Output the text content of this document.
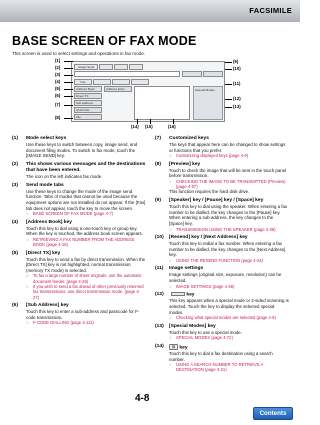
FACSIMILE
BASE SCREEN OF FAX MODE
This screen is used to select settings and operations in fax mode.
Image Send
Fax
Address Book
Direct TX
Sub Address
Quick File
File
Address Entry	Special Modes
(1)
(2)
(3)
(4)
(5)
(6)
(7)
(8)
(9)
(10)
(11)
(12)
(13)
(14) (15)	(16)
(1)	Mode select keys

Use these keys to switch between copy, image send, and document filing modes. To switch to fax mode, touch the [IMAGE SEND] key.

(2)	This shows various messages and the destinations that have been entered.

The icon on the left indicates fax mode.

(3)	Send mode tabs

Use these keys to change the mode of the image send function. Tabs of modes that cannot be used because the equipment options are not installed do not appear. If the [Fax] tab does not appear, touch the key to move the screen.

☞ BASE SCREEN OF FAX MODE (page 4-7)
(4)	[Address Book] key

Touch this key to dial using a one-touch key or group key. When the key is touched, the address book screen appears.

☞ RETRIEVING A FAX NUMBER FROM THE ADDRESS BOOK (page 4-16)
(5)	[Direct TX] key

Touch this key to send a fax by direct transmission. When the [Direct TX] key is not highlighted, normal transmission (memory TX mode) is selected.

☞ To fax a large number of sheet originals, use the automatic document feeder. (page 4-26)
☞ If you wish to send a fax ahead of other previously reserved fax transmissions, use direct transmission mode. (page 4-27)
(6)	[Sub Address] key

Touch this key to enter a sub-address and passcode for F-code transmission.

☞ F-CODE DIALLING (page 4-111)
(7)	Customized keys

The keys that appear here can be changed to show settings or functions that you prefer.

☞ Customizing displayed keys (page 4-9)
(8)	[Preview] key

Touch to check the image that will be sent in the touch panel before transmission.

☞ CHECKING THE IMAGE TO BE TRANSMITTED (Preview) (page 4-57)

This function requires the hard disk drive.

(9)	[Speaker] key / [Pause] key / [Space] key

Touch this key to dial using the speaker. When entering a fax number to be dialled, the key changes to the [Pause] key. When entering a sub-address, the key changes to the [Space] key.

☞ TRANSMISSION USING THE SPEAKER (page 4-36)
(10)	[Resend] key / [Next Address] key

Touch this key to redial a fax number. When entering a fax number to be dialled, the key changes to the [Next Address] key.

☞ USING THE RESEND FUNCTION (page 4-24)
(11)	Image settings

Image settings (original size, exposure, resolution) can be selected.

☞ IMAGE SETTINGS (page 4-46)
(12)	key

This key appears when a special mode or 2-sided scanning is selected. Touch the key to display the selected special modes.

☞ Checking what special modes are selected (page 4-9)
(13)	[Special Modes] key

Touch this key to use a special mode.

☞ SPECIAL MODES (page 4-72)
(14)	☷ key

Touch this key to dial a fax destination using a search number.

☞ USING A SEARCH NUMBER TO RETRIEVE A DESTINATION (page 4-21)
4-8
Contents
